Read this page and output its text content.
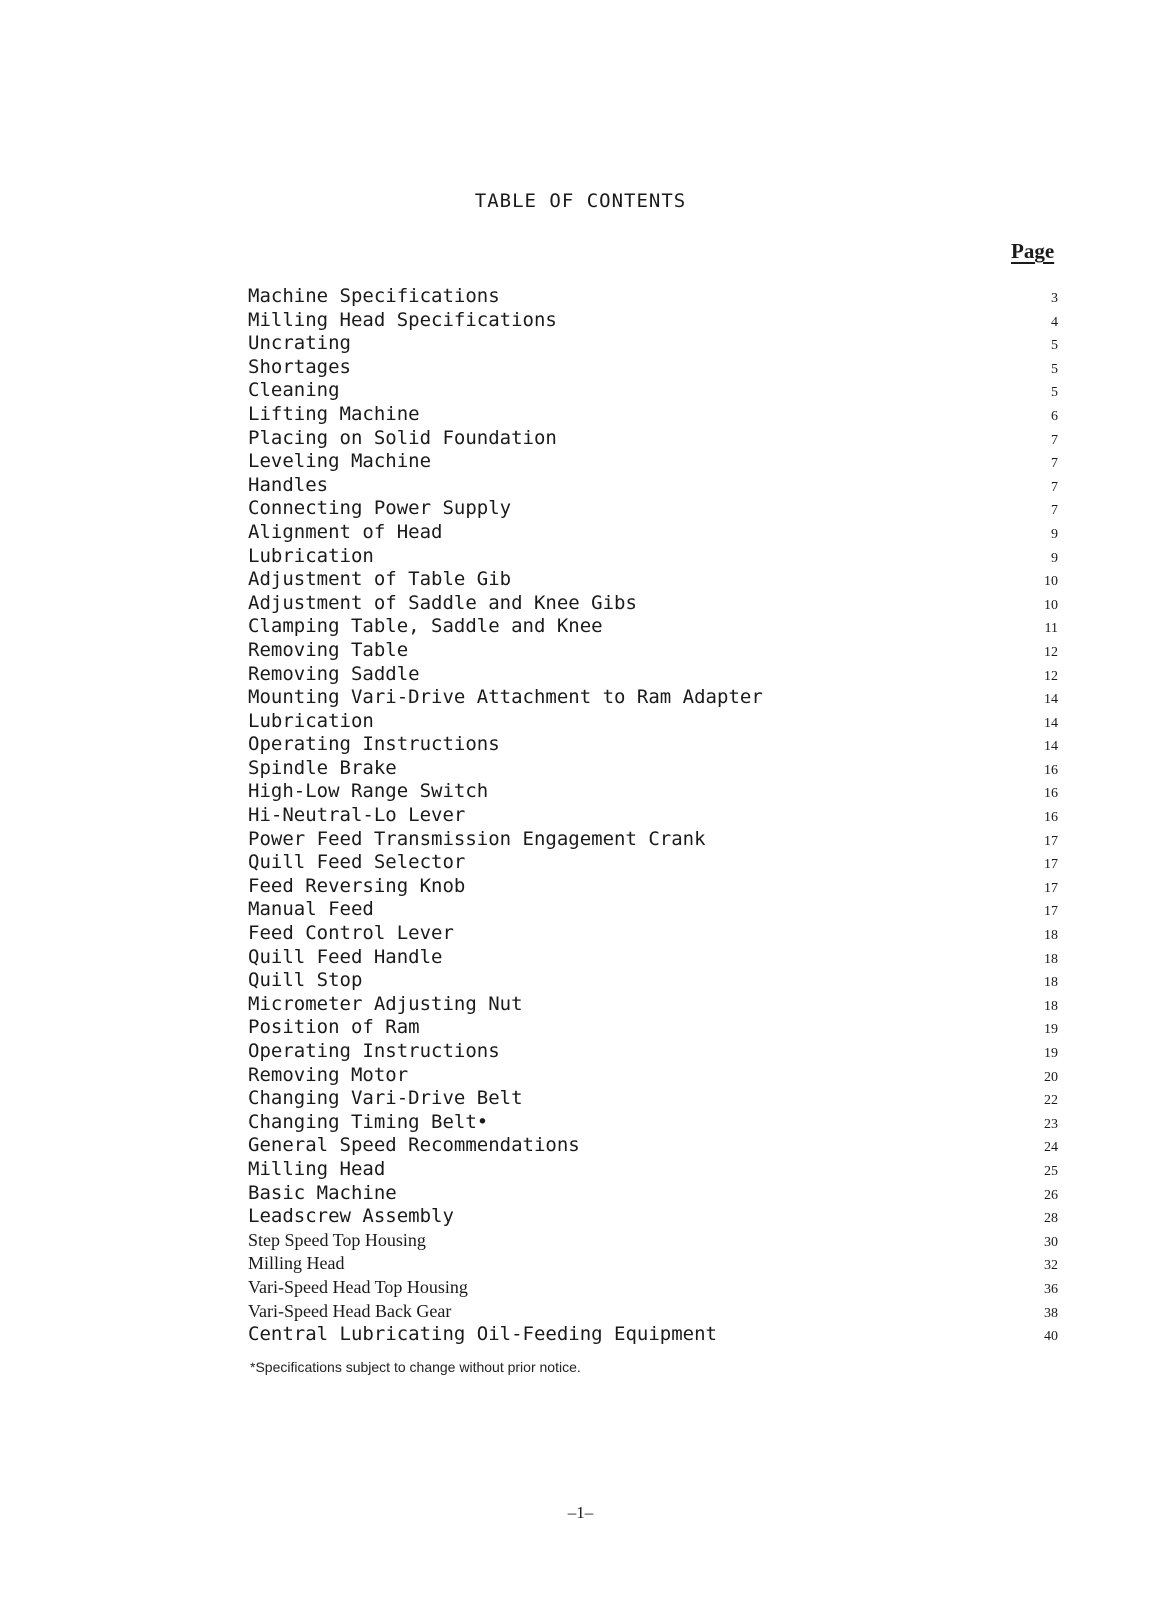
TABLE OF CONTENTS
Page
Machine Specifications	3
Milling Head Specifications	4
Uncrating	5
Shortages	5
Cleaning	5
Lifting Machine	6
Placing on Solid Foundation	7
Leveling Machine	7
Handles	7
Connecting Power Supply	7
Alignment of Head	9
Lubrication	9
Adjustment of Table Gib	10
Adjustment of Saddle and Knee Gibs	10
Clamping Table, Saddle and Knee	11
Removing Table	12
Removing Saddle	12
Mounting Vari-Drive Attachment to Ram Adapter	14
Lubrication	14
Operating Instructions	14
Spindle Brake	16
High-Low Range Switch	16
Hi-Neutral-Lo Lever	16
Power Feed Transmission Engagement Crank	17
Quill Feed Selector	17
Feed Reversing Knob	17
Manual Feed	17
Feed Control Lever	18
Quill Feed Handle	18
Quill Stop	18
Micrometer Adjusting Nut	18
Position of Ram	19
Operating Instructions	19
Removing Motor	20
Changing Vari-Drive Belt	22
Changing Timing Belt•	23
General Speed Recommendations	24
Milling Head	25
Basic Machine	26
Leadscrew Assembly	28
Step Speed Top Housing	30
Milling Head	32
Vari-Speed Head Top Housing	36
Vari-Speed Head Back Gear	38
Central Lubricating Oil-Feeding Equipment	40
*Specifications subject to change without prior notice.
–1–
